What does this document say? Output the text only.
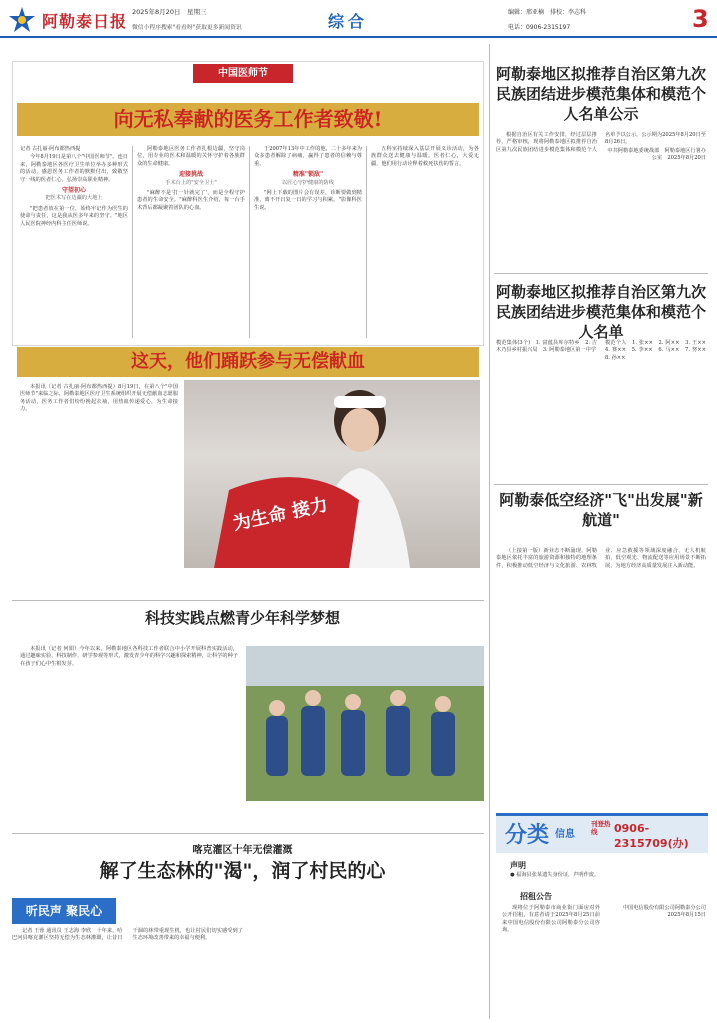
阿勒泰日报 2025年8月20日　星期三
微信小程序搜索"看看呀"获取更多新闻资讯	综合	编辑：邢亚楠　排校：李志科
电话：0906-2315197	3
中国医师节
向无私奉献的医务工作者致敬!

记者 古扎丽·阿布都热西提

今年8月19日是第八个"中国医师节"。连日来，阿勒泰地区各医疗卫生单位举办多种形式的活动，感恩医务工作者的默默付出，致敬坚守一线的医者仁心，弘扬崇高职业精神。

守望初心
把医术写在边疆的大地上

"把患者放在第一位，始终牢记作为医生的使命与责任，这是我从医多年来的坚守。"地区人民医院神经内科主任医师说。

阿勒泰地区医务工作者扎根边疆，坚守岗位，用专业的医术和温暖的关怀守护着各族群众的生命健康。

迎接挑战
手术台上的"安全卫士"

"麻醉不是'打一针就完了'，而是全程守护患者的生命安全。"麻醉科医生介绍，每一台手术背后都凝聚着团队的心血。

于2007年13年中工作的他，二十多年来为众多患者解除了病痛，赢得了患者的信赖与尊重。

精准"锁敌"
以匠心守护健康的防线

"网上下载的图片会有误差，诊断要做到精准，离不开日复一日的学习与积累。"影像科医生说。

五科室持续深入基层开展义诊活动，为各族群众送去健康与温暖。医者仁心，大爱无疆，他们用行动诠释着救死扶伤的誓言。

这天，他们踊跃参与无偿献血

本报讯（记者 古扎丽·阿布都热西提）8月19日，在第八个"中国医师节"来临之际，阿勒泰地区医疗卫生系统组织开展无偿献血志愿服务活动，医务工作者们纷纷挽起衣袖，用热血传递爱心，为生命接力。

为生命 接力
科技实践点燃青少年科学梦想

本报讯（记者 何娟）今年以来，阿勒泰地区各科技工作者联合中小学开展科普实践活动，通过趣味实验、科技制作、研学参观等形式，激发青少年的科学兴趣和探索精神，让科学的种子在孩子们心中生根发芽。

喀克灌区十年无偿灌溉
解了生态林的"渴"，润了村民的心
听民声 聚民心

记者 王蓉 通讯员 王志海 李欣　十年来，哈巴河县喀克灌区坚持无偿为生态林灌溉，让昔日干涸的林带重现生机，也让村民们切实感受到了生态环境改善带来的幸福与便利。

阿勒泰地区拟推荐自治区第九次民族团结进步模范集体和模范个人名单公示

根据自治区有关工作安排，经过层层推荐、严格审核，现将阿勒泰地区拟推荐自治区第九次民族团结进步模范集体和模范个人名单予以公示，公示期为2025年8月20日至8月26日。

中共阿勒泰地委统战部　阿勒泰地区行署办公室　2025年8月20日

阿勒泰地区拟推荐自治区第九次民族团结进步模范集体和模范个人名单

模范集体(3个)　1. 富蕴县库尔特乡　2. 吉木乃县乡村振兴局　3. 阿勒泰地区第一中学

模范个人　1. 张××　2. 阿××　3. 王××　4. 赛××　5. 李××　6. 马××　7. 努××　8. 孙××

阿勒泰低空经济"飞"出发展"新航道"

（上接第一版）新业态不断涌现，阿勒泰地区依托丰富的旅游资源和独特的地理条件，积极推动低空经济与文化旅游、农林牧业、应急救援等领域深度融合，无人机航拍、低空观光、物流配送等应用场景不断拓展，为地方经济高质量发展注入新动能。

分类 信息
刊登热线	0906-2315709(办)
声明
● 福海县张某遗失身份证，声明作废。
招租公告

现将位于阿勒泰市商业街门面房对外公开招租，有意者请于2025年8月25日前来中国电信股份有限公司阿勒泰分公司咨询。

中国电信股份有限公司阿勒泰分公司　2025年8月15日
